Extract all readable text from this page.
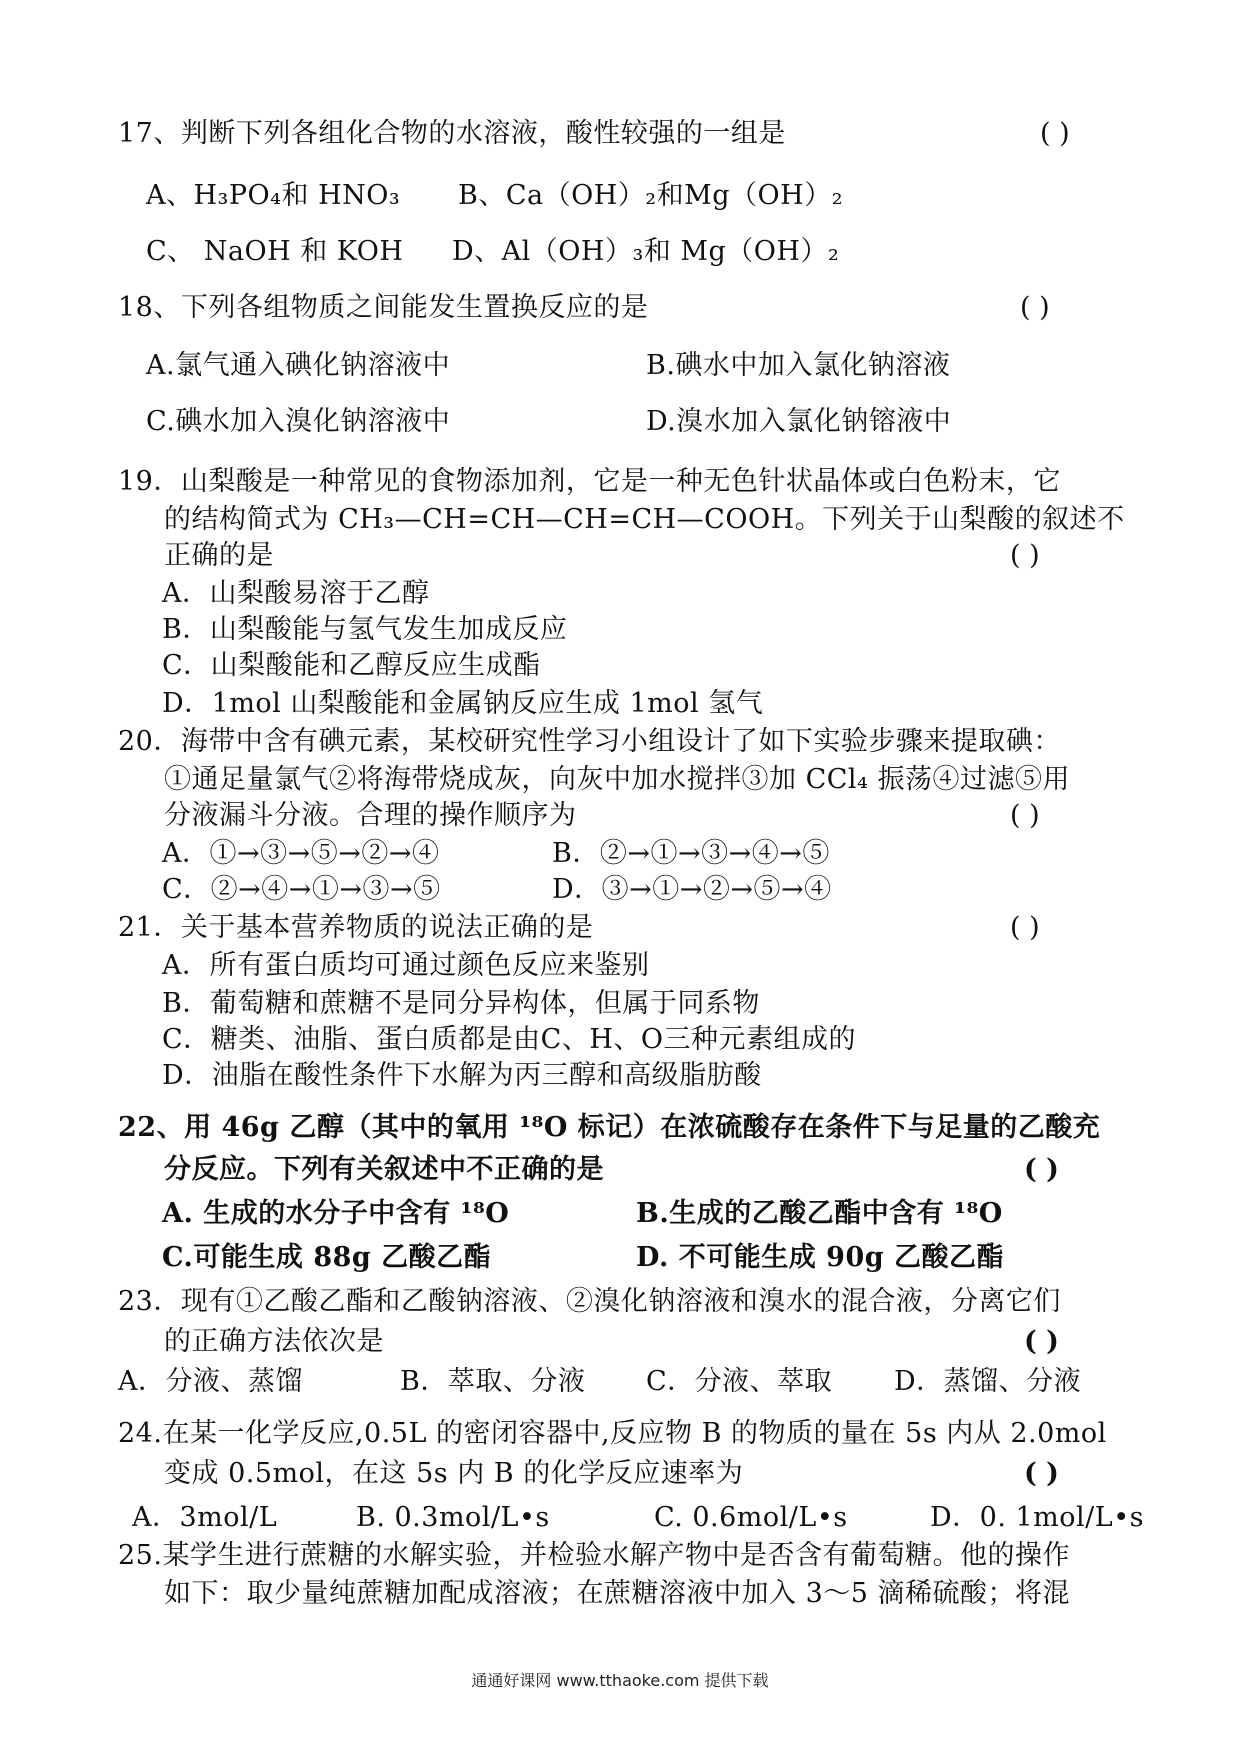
17、判断下列各组化合物的水溶液，酸性较强的一组是	( )
A、H₃PO₄和 HNO₃ B、Ca（OH）₂和Mg（OH）₂
C、 NaOH 和 KOH D、Al（OH）₃和 Mg（OH）₂
18、下列各组物质之间能发生置换反应的是	( )
A.氯气通入碘化钠溶液中	B.碘水中加入氯化钠溶液
C.碘水加入溴化钠溶液中	D.溴水加入氯化钠镕液中
19．山梨酸是一种常见的食物添加剂，它是一种无色针状晶体或白色粉末，它
的结构简式为 CH₃—CH=CH—CH=CH—COOH。下列关于山梨酸的叙述不
正确的是	( )
A．山梨酸易溶于乙醇
B．山梨酸能与氢气发生加成反应
C．山梨酸能和乙醇反应生成酯
D．1mol 山梨酸能和金属钠反应生成 1mol 氢气
20．海带中含有碘元素，某校研究性学习小组设计了如下实验步骤来提取碘：
①通足量氯气②将海带烧成灰，向灰中加水搅拌③加 CCl₄ 振荡④过滤⑤用
分液漏斗分液。合理的操作顺序为	( )
A．①→③→⑤→②→④	B．②→①→③→④→⑤
C．②→④→①→③→⑤	D．③→①→②→⑤→④
21．关于基本营养物质的说法正确的是	( )
A．所有蛋白质均可通过颜色反应来鉴别
B．葡萄糖和蔗糖不是同分异构体，但属于同系物
C．糖类、油脂、蛋白质都是由C、H、O三种元素组成的
D．油脂在酸性条件下水解为丙三醇和高级脂肪酸
22、用 46g 乙醇（其中的氧用 ¹⁸O 标记）在浓硫酸存在条件下与足量的乙酸充
分反应。下列有关叙述中不正确的是	( )
A. 生成的水分子中含有 ¹⁸O	B.生成的乙酸乙酯中含有 ¹⁸O
C.可能生成 88g 乙酸乙酯	D. 不可能生成 90g 乙酸乙酯
23．现有①乙酸乙酯和乙酸钠溶液、②溴化钠溶液和溴水的混合液，分离它们
的正确方法依次是	( )
A．分液、蒸馏	B．萃取、分液 C．分液、萃取 D．蒸馏、分液
24.在某一化学反应,0.5L 的密闭容器中,反应物 B 的物质的量在 5s 内从 2.0mol
变成 0.5mol，在这 5s 内 B 的化学反应速率为	( )
A．3mol/L	B. 0.3mol/L•s	C. 0.6mol/L•s	D．0. 1mol/L•s
25.某学生进行蔗糖的水解实验，并检验水解产物中是否含有葡萄糖。他的操作
如下：取少量纯蔗糖加配成溶液；在蔗糖溶液中加入 3～5 滴稀硫酸；将混
通通好课网 www.tthaoke.com 提供下载
